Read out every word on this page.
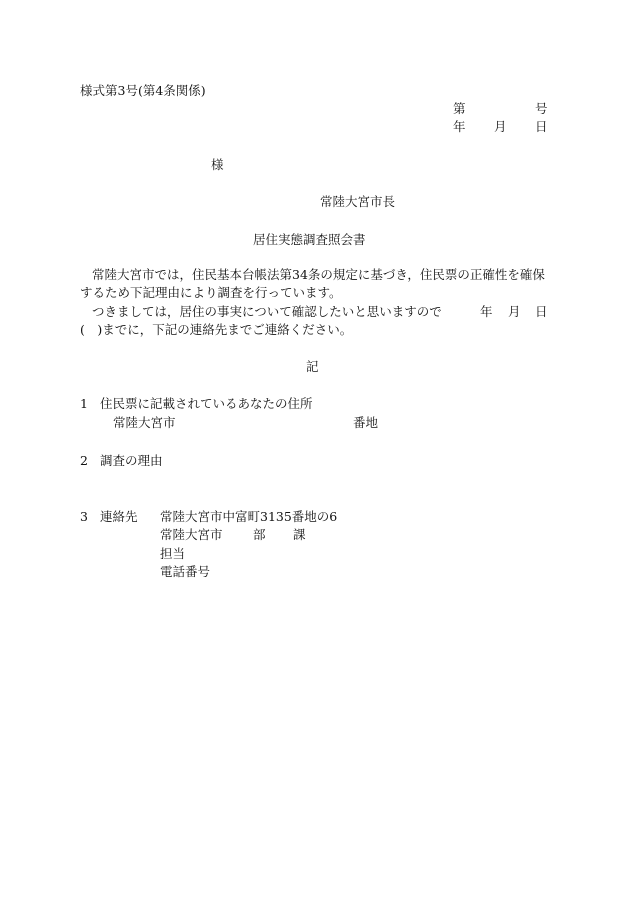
様式第3号(第4条関係)
第	号
年 月 日
様
常陸大宮市長
居住実態調査照会書
常陸大宮市では，住民基本台帳法第34条の規定に基づき，住民票の正確性を確保するため下記理由により調査を行っています。
つきましては，居住の事実について確認したいと思いますので	年 月 日
(　)までに，下記の連絡先までご連絡ください。
記
1 住民票に記載されているあなたの住所
常陸大宮市	番地
2 調査の理由
3 連絡先 常陸大宮市中富町3135番地の6
常陸大宮市 部 課
担当
電話番号
